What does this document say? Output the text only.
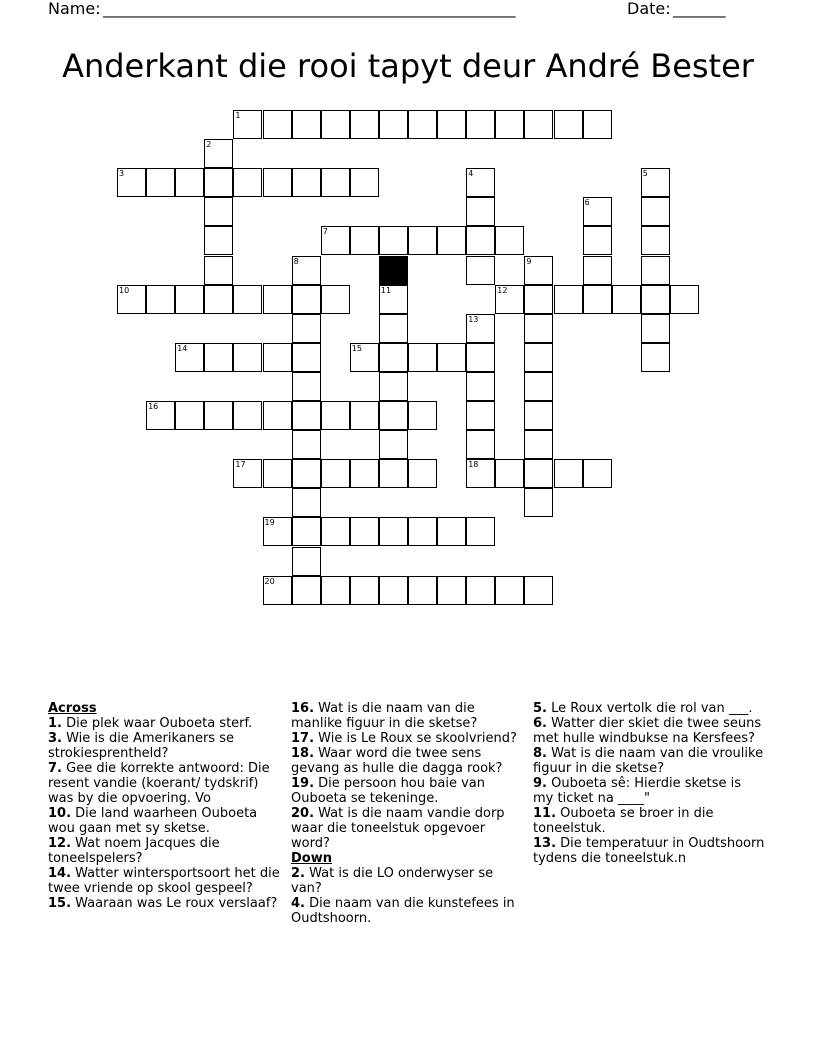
Name: _______________________________________________________	Date: _______
Anderkant die rooi tapyt deur André Bester
1
3
7
10	12
14	15
16
17	18
19
20
2
4	5
6
8	9
11
13
Across
1. Die plek waar Ouboeta sterf.
3. Wie is die Amerikaners se strokiesprentheld?
7. Gee die korrekte antwoord: Die resent vandie (koerant/ tydskrif) was by die opvoering. Vo
10. Die land waarheen Ouboeta wou gaan met sy sketse.
12. Wat noem Jacques die toneelspelers?
14. Watter wintersportsoort het die twee vriende op skool gespeel?
15. Waaraan was Le roux verslaaf?
16. Wat is die naam van die manlike figuur in die sketse?
17. Wie is Le Roux se skoolvriend?
18. Waar word die twee sens gevang as hulle die dagga rook?
19. Die persoon hou baie van Ouboeta se tekeninge.
20. Wat is die naam vandie dorp waar die toneelstuk opgevoer word?
Down
2. Wat is die LO onderwyser se van?
4. Die naam van die kunstefees in Oudtshoorn.
5. Le Roux vertolk die rol van ___.
6. Watter dier skiet die twee seuns met hulle windbukse na Kersfees?
8. Wat is die naam van die vroulike figuur in die sketse?
9. Ouboeta sê: Hierdie sketse is my ticket na ____"
11. Ouboeta se broer in die toneelstuk.
13. Die temperatuur in Oudtshoorn tydens die toneelstuk.n
